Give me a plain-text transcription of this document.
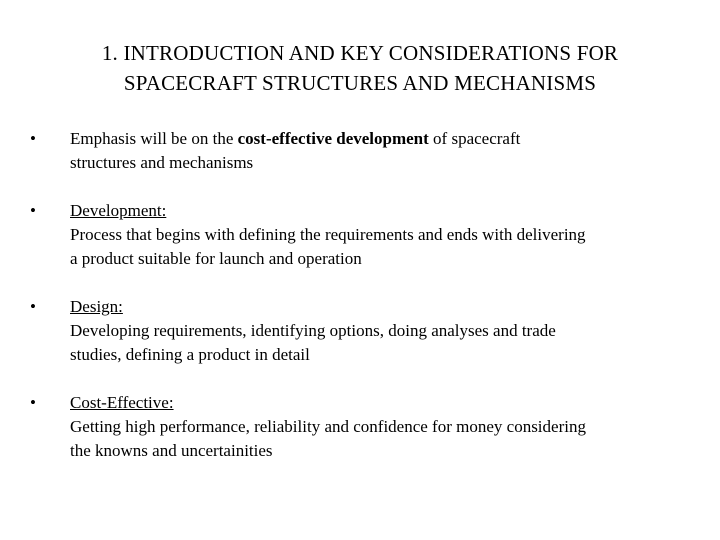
1. INTRODUCTION AND KEY CONSIDERATIONS FOR
SPACECRAFT STRUCTURES AND MECHANISMS
• Emphasis will be on the cost-effective development of spacecraft
structures and mechanisms
• Development:
Process that begins with defining the requirements and ends with delivering
a product suitable for launch and operation
• Design:
Developing requirements, identifying options, doing analyses and trade
studies, defining a product in detail
• Cost-Effective:
Getting high performance, reliability and confidence for money considering
the knowns and uncertainities
